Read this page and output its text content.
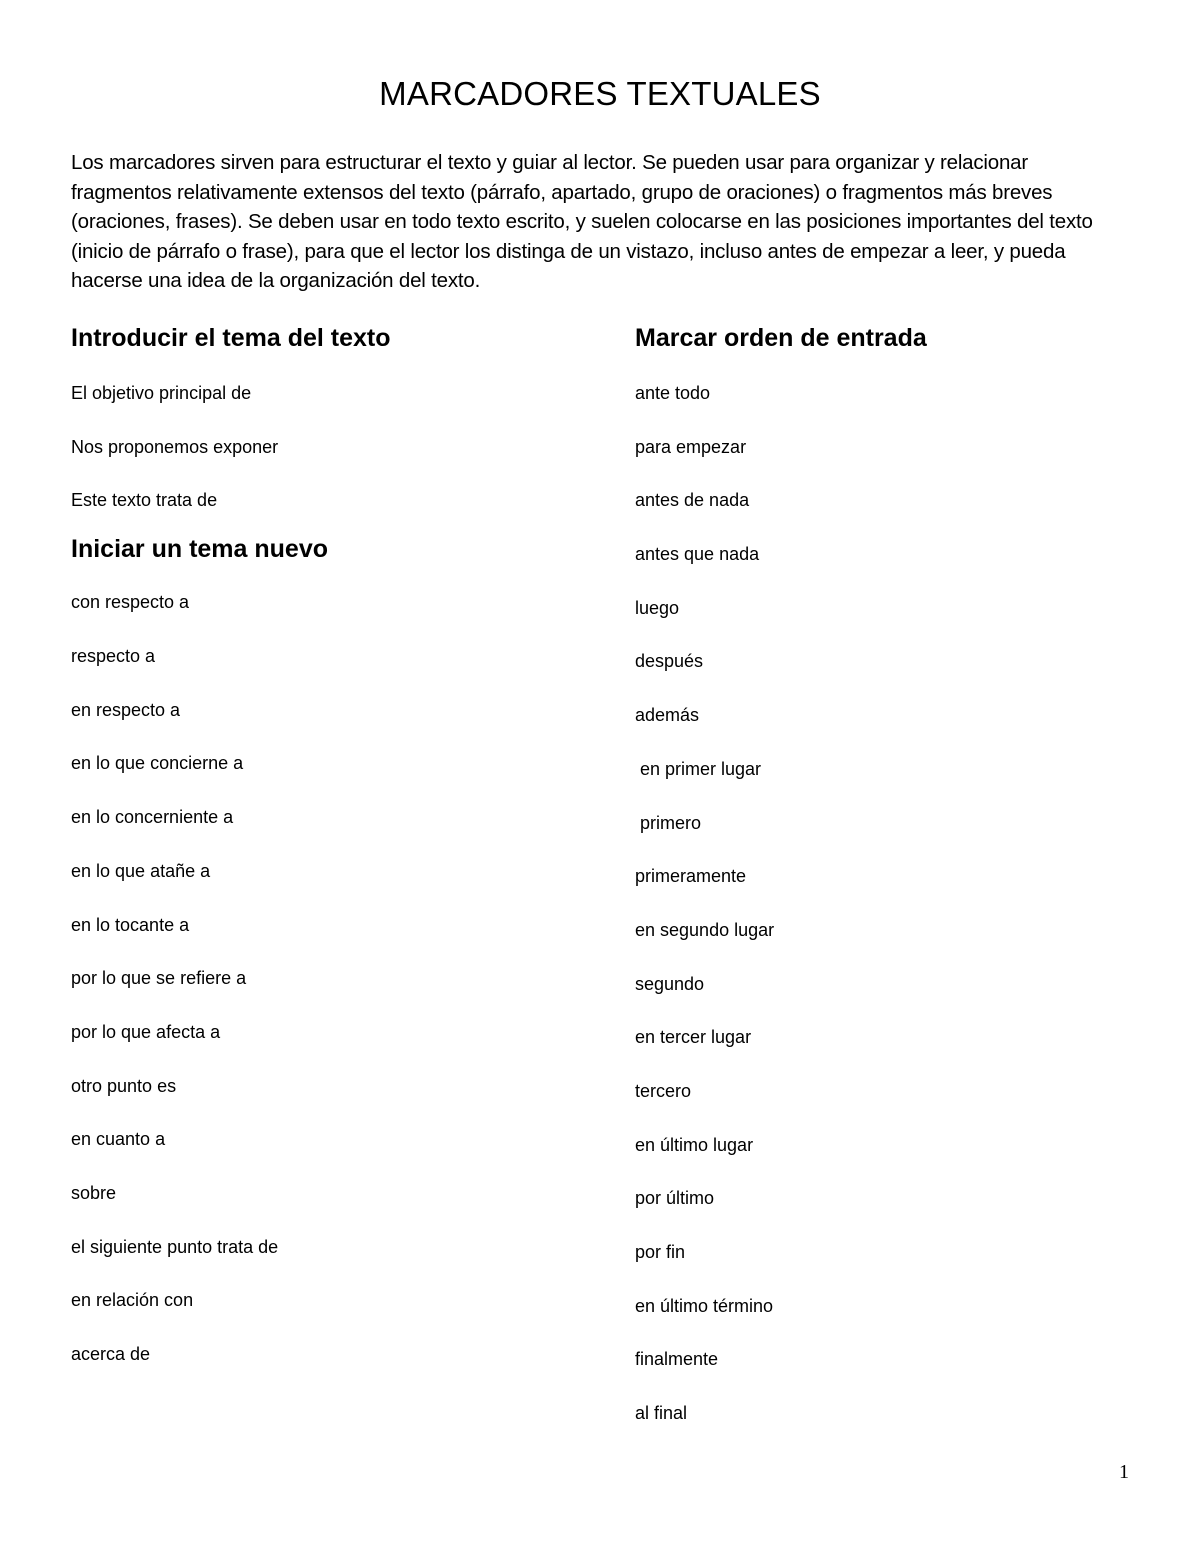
MARCADORES TEXTUALES

Los marcadores sirven para estructurar el texto y guiar al lector. Se pueden usar para organizar y relacionar fragmentos relativamente extensos del texto (párrafo, apartado, grupo de oraciones) o fragmentos más breves (oraciones, frases). Se deben usar en todo texto escrito, y suelen colocarse en las posiciones importantes del texto (inicio de párrafo o frase), para que el lector los distinga de un vistazo, incluso antes de empezar a leer, y pueda hacerse una idea de la organización del texto.

Introducir el tema del texto
El objetivo principal de
Nos proponemos exponer
Este texto trata de
Iniciar un tema nuevo
con respecto a
respecto a
en respecto a
en lo que concierne a
en lo concerniente a
en lo que atañe a
en lo tocante a
por lo que se refiere a
por lo que afecta a
otro punto es
en cuanto a
sobre
el siguiente punto trata de
en relación con
acerca de
Marcar orden de entrada
ante todo
para empezar
antes de nada
antes que nada
luego
después
además
en primer lugar
primero
primeramente
en segundo lugar
segundo
en tercer lugar
tercero
en último lugar
por último
por fin
en último término
finalmente
al final
1
